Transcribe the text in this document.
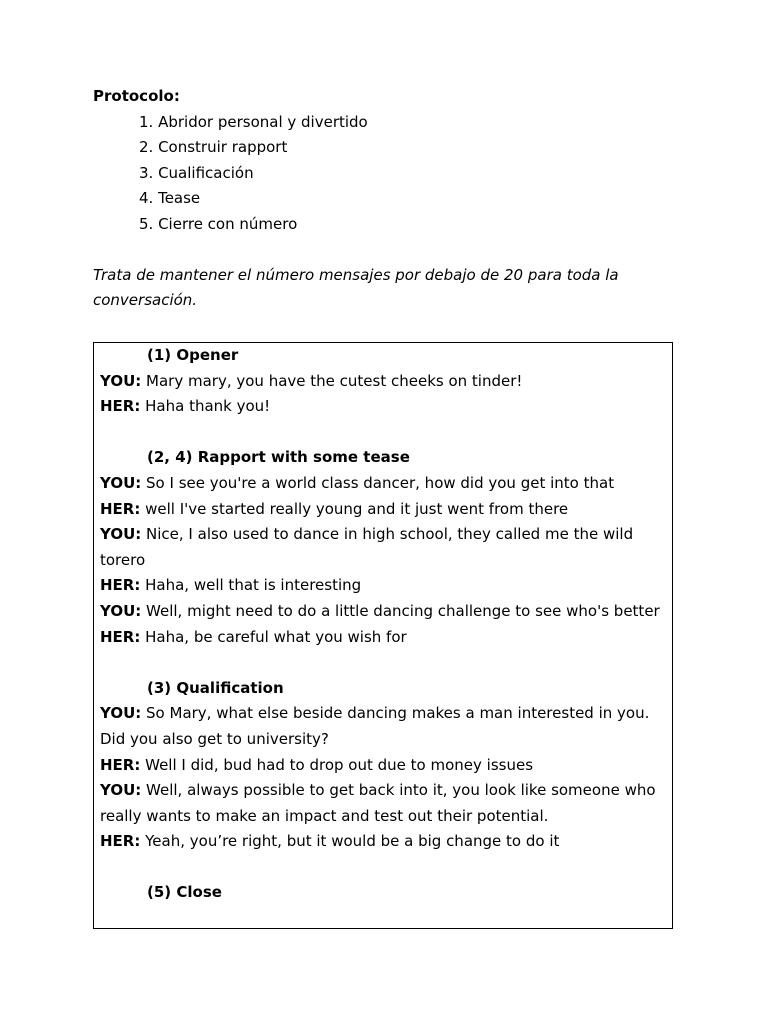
Protocolo:

1. Abridor personal y divertido
2. Construir rapport
3. Cualificación
4. Tease
5. Cierre con número

Trata de mantener el número mensajes por debajo de 20 para toda la conversación.

(1) Opener

YOU: Mary mary, you have the cutest cheeks on tinder!

HER: Haha thank you!

(2, 4) Rapport with some tease

YOU: So I see you're a world class dancer, how did you get into that

HER: well I've started really young and it just went from there

YOU: Nice, I also used to dance in high school, they called me the wild torero

HER: Haha, well that is interesting

YOU: Well, might need to do a little dancing challenge to see who's better

HER: Haha, be careful what you wish for

(3) Qualification

YOU: So Mary, what else beside dancing makes a man interested in you. Did you also get to university?

HER: Well I did, bud had to drop out due to money issues

YOU: Well, always possible to get back into it, you look like someone who really wants to make an impact and test out their potential.

HER: Yeah, you’re right, but it would be a big change to do it

(5) Close
